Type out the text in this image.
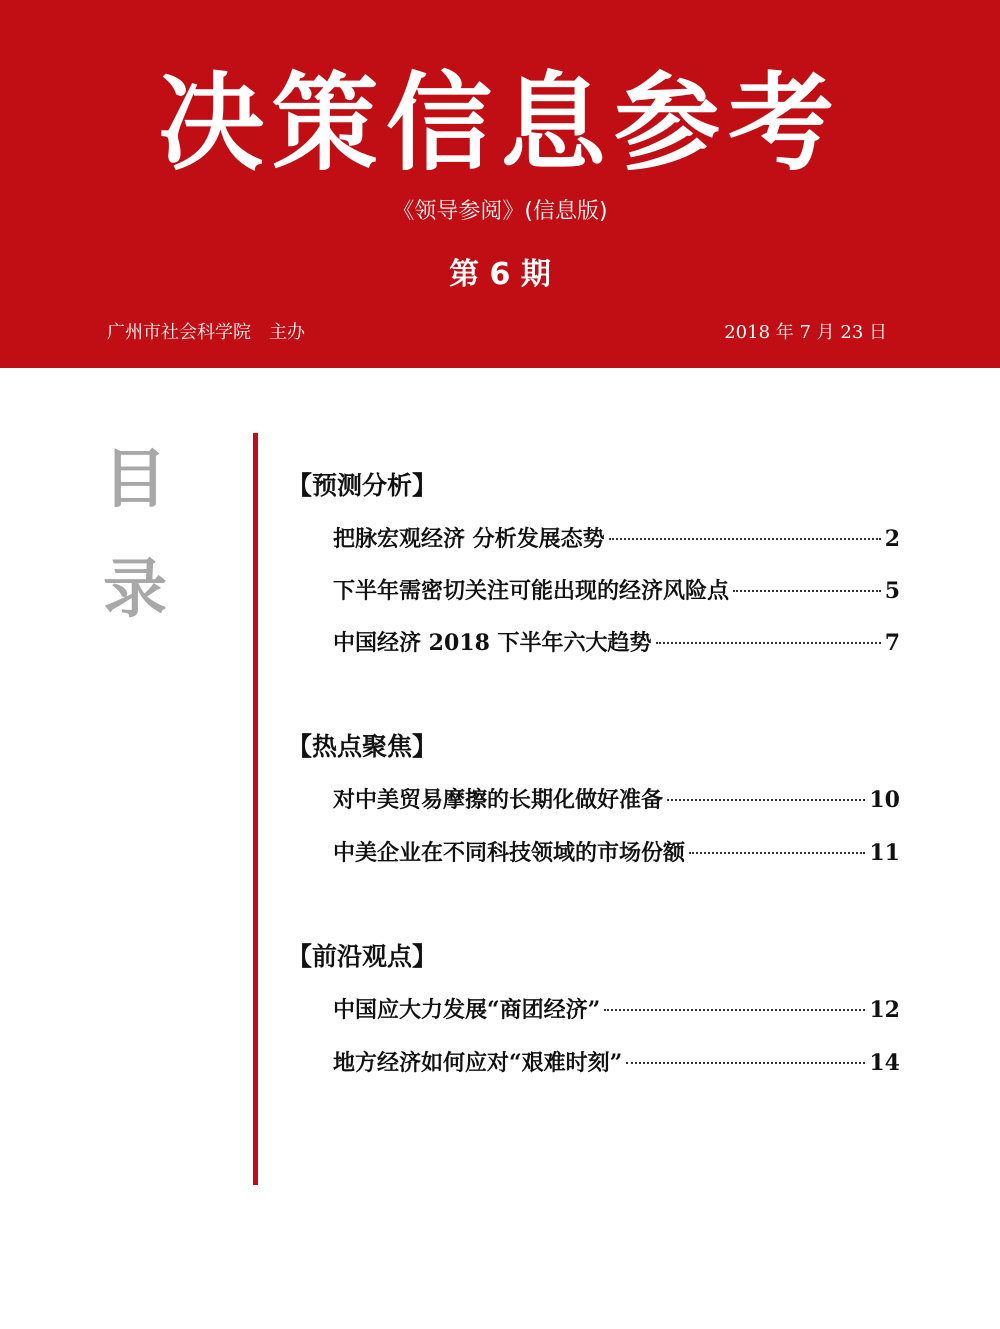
决策信息参考
《领导参阅》(信息版)
第 6 期
广州市社会科学院　主办	2018 年 7 月 23 日
目
录
【预测分析】
把脉宏观经济 分析发展态势	2
下半年需密切关注可能出现的经济风险点	5
中国经济 2018 下半年六大趋势	7
【热点聚焦】
对中美贸易摩擦的长期化做好准备	10
中美企业在不同科技领域的市场份额	11
【前沿观点】
中国应大力发展“商团经济”	12
地方经济如何应对“艰难时刻”	14
